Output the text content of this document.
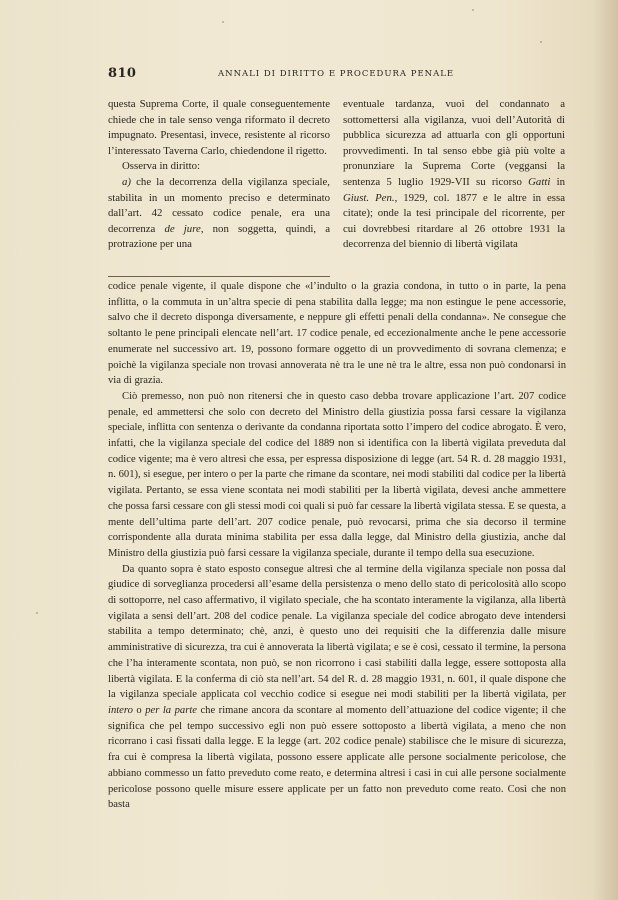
810	ANNALI DI DIRITTO E PROCEDURA PENALE

questa Suprema Corte, il quale conseguentemente chiede che in tale senso venga riformato il decreto impugnato. Presentasi, invece, resistente al ricorso l’interessato Taverna Carlo, chiedendone il rigetto.

Osserva in diritto:

a) che la decorrenza della vigilanza speciale, stabilita in un momento preciso e determinato dall’art. 42 cessato codice penale, era una decorrenza de jure, non soggetta, quindi, a protrazione per una

eventuale tardanza, vuoi del condannato a sottomettersi alla vigilanza, vuoi dell’Autorità di pubblica sicurezza ad attuarla con gli opportuni provvedimenti. In tal senso ebbe già più volte a pronunziare la Suprema Corte (veggansi la sentenza 5 luglio 1929-VII su ricorso Gatti in Giust. Pen., 1929, col. 1877 e le altre in essa citate); onde la tesi principale del ricorrente, per cui dovrebbesi ritardare al 26 ottobre 1931 la decorrenza del biennio di libertà vigilata

codice penale vigente, il quale dispone che «l’indulto o la grazia condona, in tutto o in parte, la pena inflitta, o la commuta in un’altra specie di pena stabilita dalla legge; ma non estingue le pene accessorie, salvo che il decreto disponga diversamente, e neppure gli effetti penali della condanna». Ne consegue che soltanto le pene principali elencate nell’art. 17 codice penale, ed eccezionalmente anche le pene accessorie enumerate nel successivo art. 19, possono formare oggetto di un provvedimento di sovrana clemenza; e poichè la vigilanza speciale non trovasi annoverata nè tra le une nè tra le altre, essa non può condonarsi in via di grazia.

Ciò premesso, non può non ritenersi che in questo caso debba trovare applicazione l’art. 207 codice penale, ed ammettersi che solo con decreto del Ministro della giustizia possa farsi cessare la vigilanza speciale, inflitta con sentenza o derivante da condanna riportata sotto l’impero del codice abrogato. È vero, infatti, che la vigilanza speciale del codice del 1889 non si identifica con la libertà vigilata preveduta dal codice vigente; ma è vero altresì che essa, per espressa disposizione di legge (art. 54 R. d. 28 maggio 1931, n. 601), si esegue, per intero o per la parte che rimane da scontare, nei modi stabiliti dal codice per la libertà vigilata. Pertanto, se essa viene scontata nei modi stabiliti per la libertà vigilata, devesi anche ammettere che possa farsi cessare con gli stessi modi coi quali si può far cessare la libertà vigilata stessa. E se questa, a mente dell’ultima parte dell’art. 207 codice penale, può revocarsi, prima che sia decorso il termine corrispondente alla durata minima stabilita per essa dalla legge, dal Ministro della giustizia, anche dal Ministro della giustizia può farsi cessare la vigilanza speciale, durante il tempo della sua esecuzione.

Da quanto sopra è stato esposto consegue altresì che al termine della vigilanza speciale non possa dal giudice di sorveglianza procedersi all’esame della persistenza o meno dello stato di pericolosità allo scopo di sottoporre, nel caso affermativo, il vigilato speciale, che ha scontato interamente la vigilanza, alla libertà vigilata a sensi dell’art. 208 del codice penale. La vigilanza speciale del codice abrogato deve intendersi stabilita a tempo determinato; chè, anzi, è questo uno dei requisiti che la differenzia dalle misure amministrative di sicurezza, tra cui è annoverata la libertà vigilata; e se è così, cessato il termine, la persona che l’ha interamente scontata, non può, se non ricorrono i casi stabiliti dalla legge, essere sottoposta alla libertà vigilata. E la conferma di ciò sta nell’art. 54 del R. d. 28 maggio 1931, n. 601, il quale dispone che la vigilanza speciale applicata col vecchio codice si esegue nei modi stabiliti per la libertà vigilata, per intero o per la parte che rimane ancora da scontare al momento dell’attuazione del codice vigente; il che significa che pel tempo successivo egli non può essere sottoposto a libertà vigilata, a meno che non ricorrano i casi fissati dalla legge. E la legge (art. 202 codice penale) stabilisce che le misure di sicurezza, fra cui è compresa la libertà vigilata, possono essere applicate alle persone socialmente pericolose, che abbiano commesso un fatto preveduto come reato, e determina altresì i casi in cui alle persone socialmente pericolose possono quelle misure essere applicate per un fatto non preveduto come reato. Così che non basta
